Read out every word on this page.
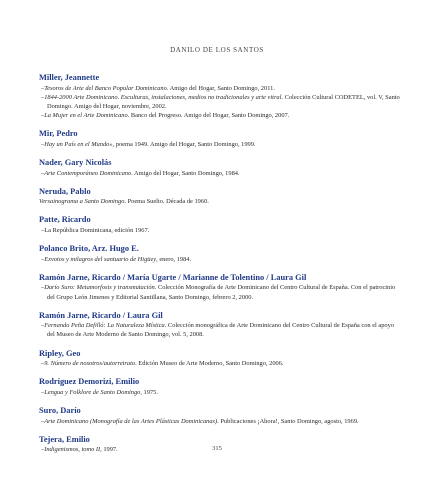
DANILO DE LOS SANTOS
Miller, Jeannette
–Tesoros de Arte del Banco Popular Dominicano. Amigo del Hogar, Santo Domingo, 2011.
–1844-2000 Arte Dominicano. Esculturas, instalaciones, medios no tradicionales y arte vitral. Colección Cultural CODETEL, vol. V, Santo Domingo. Amigo del Hogar, noviembre, 2002.
–La Mujer en el Arte Dominicano. Banco del Progreso. Amigo del Hogar, Santo Domingo, 2007.
Mir, Pedro
–Hay un País en el Mundo», poema 1949. Amigo del Hogar, Santo Domingo, 1999.
Nader, Gary Nicolás
–Arte Contemporáneo Dominicano. Amigo del Hogar, Santo Domingo, 1984.
Neruda, Pablo
Versainograma a Santo Domingo. Poema Suelto. Década de 1960.
Patte, Ricardo
–La República Dominicana, edición 1967.
Polanco Brito, Arz. Hugo E.
–Exvotos y milagros del santuario de Higüey, enero, 1984.
Ramón Jarne, Ricardo / María Ugarte / Marianne de Tolentino / Laura Gil
–Darío Suro: Metamorfosis y transmutación. Colección Monografía de Arte Dominicano del Centro Cultural de España. Con el patrocinio del Grupo León Jimenes y Editorial Santillana, Santo Domingo, febrero 2, 2000.
Ramón Jarne, Ricardo / Laura Gil
–Fernando Peña Defilló: La Naturaleza Mística. Colección monográfica de Arte Dominicano del Centro Cultural de España con el apoyo del Museo de Arte Moderno de Santo Domingo, vol. 5, 2008.
Ripley, Geo
–9. Número de nosotros/autorretrato. Edición Museo de Arte Moderno, Santo Domingo, 2006.
Rodríguez Demorizi, Emilio
–Lengua y Folklore de Santo Domingo, 1975.
Suro, Darío
–Arte Dominicano (Monografía de las Artes Plásticas Dominicanas). Publicaciones ¡Ahora!, Santo Domingo, agosto, 1969.
Tejera, Emilio
–Indigenismos, tomo II, 1997.	315
